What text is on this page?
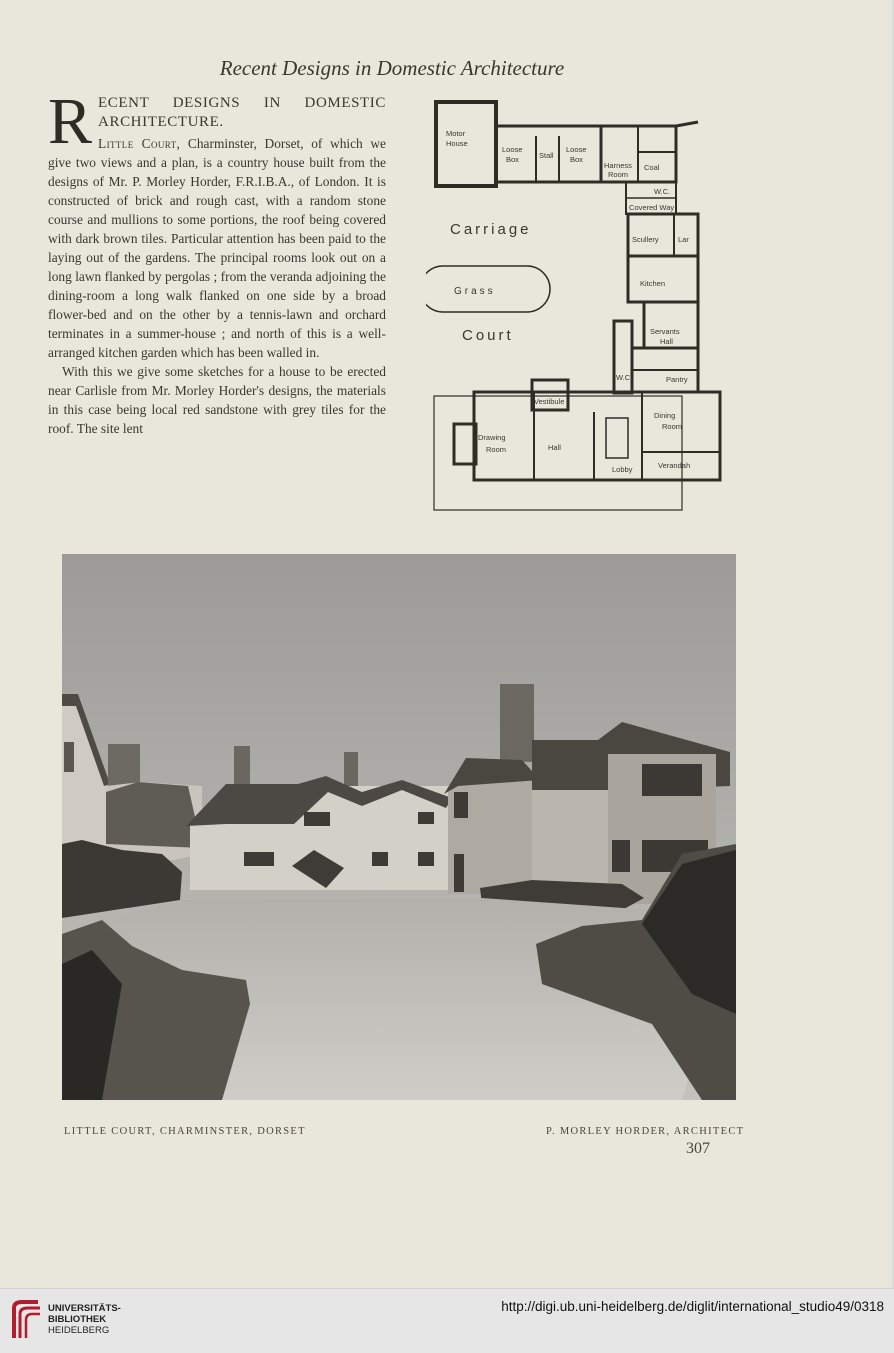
Recent Designs in Domestic Architecture
R ECENT DESIGNS IN DOMESTIC ARCHITECTURE.

Little Court, Charminster, Dorset, of which we give two views and a plan, is a country house built from the designs of Mr. P. Morley Horder, F.R.I.B.A., of London. It is constructed of brick and rough cast, with a random stone course and mullions to some portions, the roof being covered with dark brown tiles. Particular attention has been paid to the laying out of the gardens. The principal rooms look out on a long lawn flanked by pergolas ; from the veranda adjoining the dining-room a long walk flanked on one side by a broad flower-bed and on the other by a tennis-lawn and orchard terminates in a summer-house ; and north of this is a well-arranged kitchen garden which has been walled in.

With this we give some sketches for a house to be erected near Carlisle from Mr. Morley Horder's designs, the materials in this case being local red sandstone with grey tiles for the roof. The site lent

Motor
House
Loose
Box	Stall
Loose
Box
Harness
Room
Coal
W.C.
Covered Way
Scullery	Lar
Kitchen
Servants
Hall
Pantry
W.C.
Vestibule
Drawing
Room	Hall
Dining
Room
Lobby	Verandah
Carriage
Court
Grass
LITTLE COURT, CHARMINSTER, DORSET	P. MORLEY HORDER, ARCHITECT
307
UNIVERSITÄTS-
BIBLIOTHEK
HEIDELBERG
http://digi.ub.uni-heidelberg.de/diglit/international_studio49/0318
